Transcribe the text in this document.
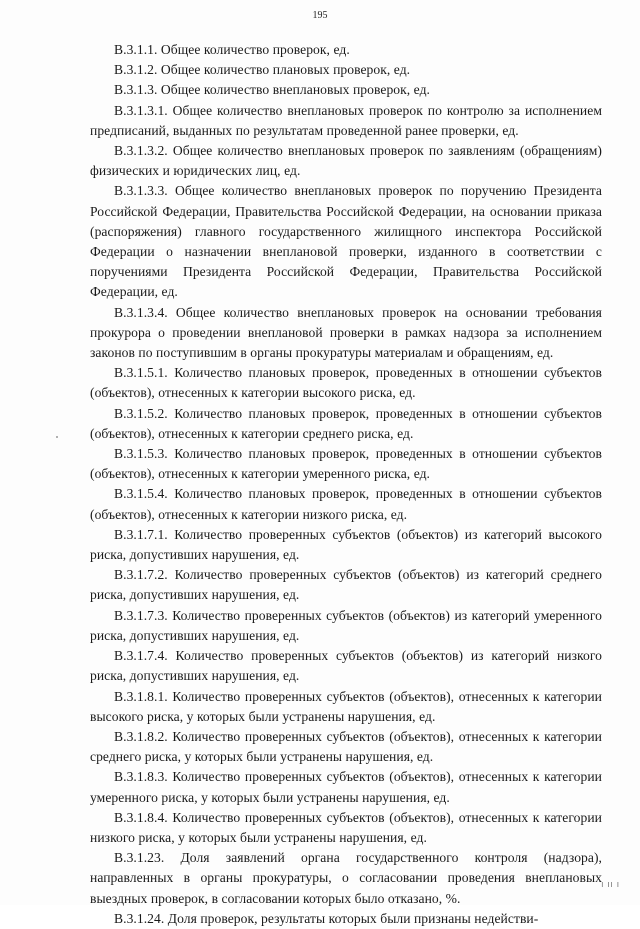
195

В.3.1.1. Общее количество проверок, ед.

В.3.1.2. Общее количество плановых проверок, ед.

В.3.1.3. Общее количество внеплановых проверок, ед.

В.3.1.3.1. Общее количество внеплановых проверок по контролю за исполнением предписаний, выданных по результатам проведенной ранее проверки, ед.

В.3.1.3.2. Общее количество внеплановых проверок по заявлениям (обращениям) физических и юридических лиц, ед.

В.3.1.3.3. Общее количество внеплановых проверок по поручению Президента Российской Федерации, Правительства Российской Федерации, на основании приказа (распоряжения) главного государственного жилищного инспектора Российской Федерации о назначении внеплановой проверки, изданного в соответствии с поручениями Президента Российской Федерации, Правительства Российской Федерации, ед.

В.3.1.3.4. Общее количество внеплановых проверок на основании требования прокурора о проведении внеплановой проверки в рамках надзора за исполнением законов по поступившим в органы прокуратуры материалам и обращениям, ед.

В.3.1.5.1. Количество плановых проверок, проведенных в отношении субъектов (объектов), отнесенных к категории высокого риска, ед.

В.3.1.5.2. Количество плановых проверок, проведенных в отношении субъектов (объектов), отнесенных к категории среднего риска, ед.

В.3.1.5.3. Количество плановых проверок, проведенных в отношении субъектов (объектов), отнесенных к категории умеренного риска, ед.

В.3.1.5.4. Количество плановых проверок, проведенных в отношении субъектов (объектов), отнесенных к категории низкого риска, ед.

В.3.1.7.1. Количество проверенных субъектов (объектов) из категорий высокого риска, допустивших нарушения, ед.

В.3.1.7.2. Количество проверенных субъектов (объектов) из категорий среднего риска, допустивших нарушения, ед.

В.3.1.7.3. Количество проверенных субъектов (объектов) из категорий умеренного риска, допустивших нарушения, ед.

В.3.1.7.4. Количество проверенных субъектов (объектов) из категорий низкого риска, допустивших нарушения, ед.

В.3.1.8.1. Количество проверенных субъектов (объектов), отнесенных к категории высокого риска, у которых были устранены нарушения, ед.

В.3.1.8.2. Количество проверенных субъектов (объектов), отнесенных к категории среднего риска, у которых были устранены нарушения, ед.

В.3.1.8.3. Количество проверенных субъектов (объектов), отнесенных к категории умеренного риска, у которых были устранены нарушения, ед.

В.3.1.8.4. Количество проверенных субъектов (объектов), отнесенных к категории низкого риска, у которых были устранены нарушения, ед.

В.3.1.23. Доля заявлений органа государственного контроля (надзора), направленных в органы прокуратуры, о согласовании проведения внеплановых выездных проверок, в согласовании которых было отказано, %.

В.3.1.24. Доля проверок, результаты которых были признаны недействи-

I II I
